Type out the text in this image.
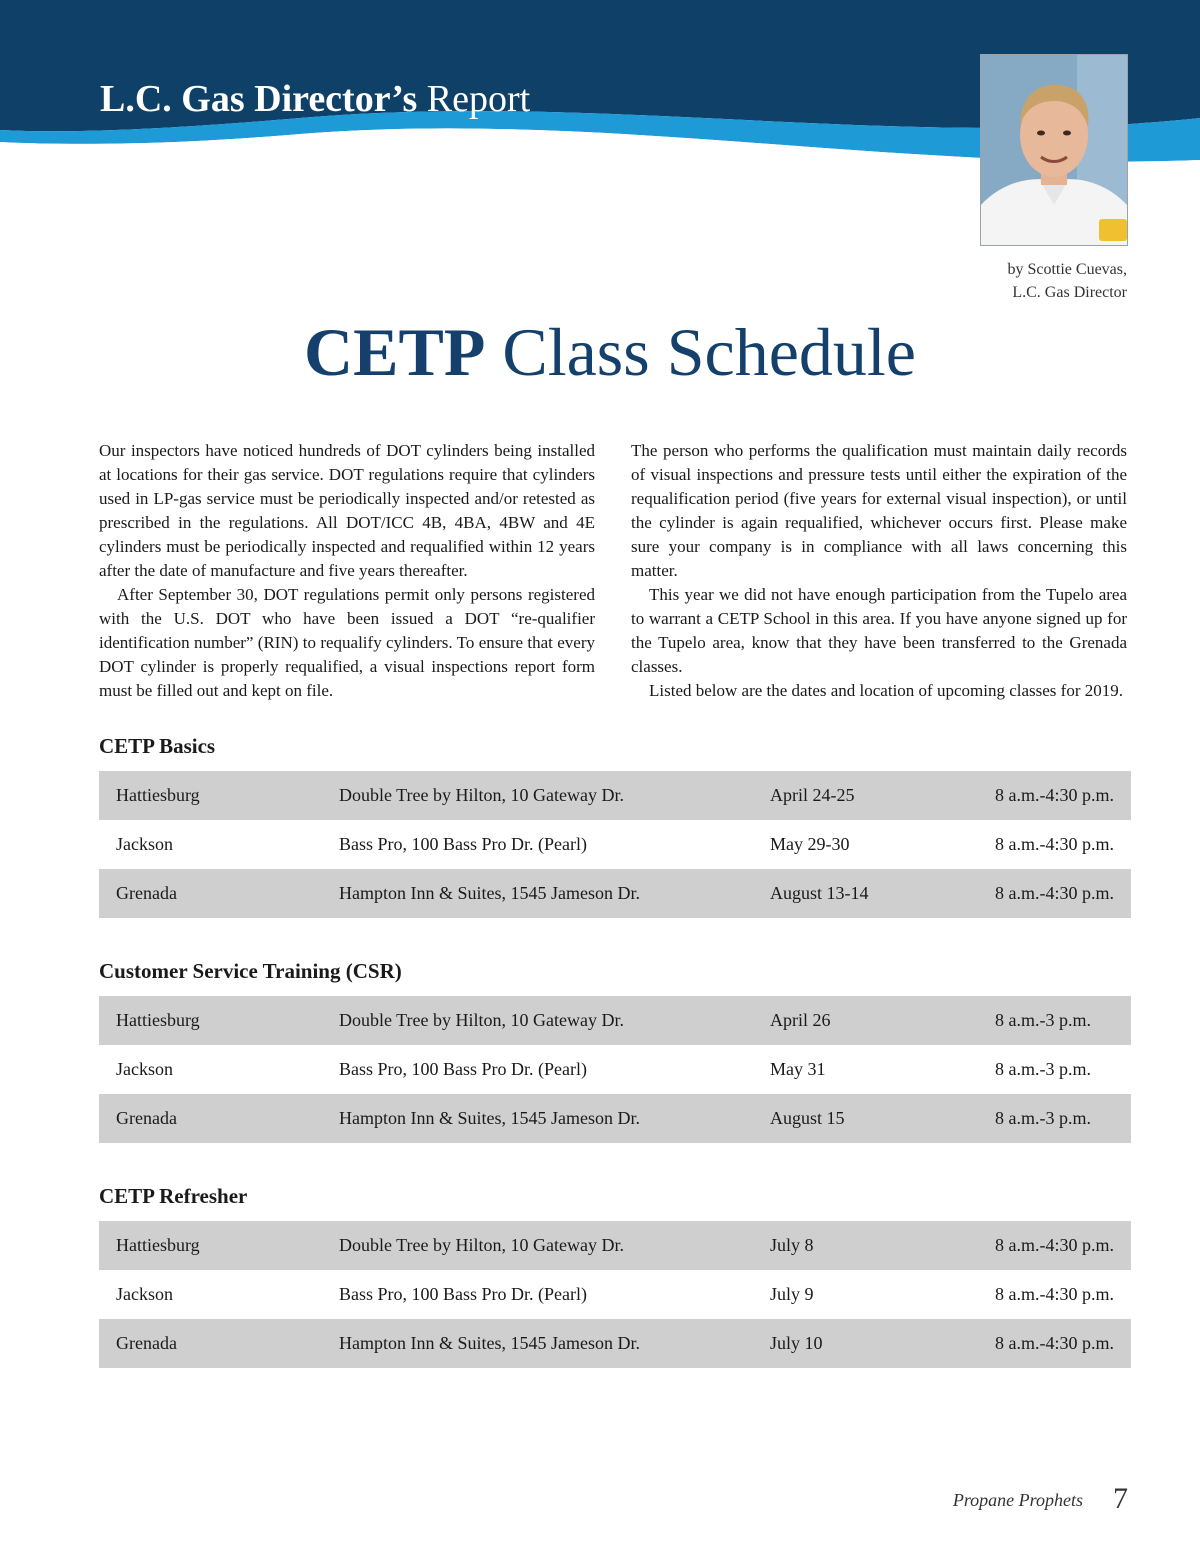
L.C. Gas Director’s Report
by Scottie Cuevas,
L.C. Gas Director
CETP Class Schedule

Our inspectors have noticed hundreds of DOT cylinders being installed at locations for their gas service. DOT regulations require that cylinders used in LP-gas service must be periodically inspected and/or retested as prescribed in the regulations. All DOT/ICC 4B, 4BA, 4BW and 4E cylinders must be periodically inspected and requalified within 12 years after the date of manufacture and five years thereafter.

After September 30, DOT regulations permit only persons registered with the U.S. DOT who have been issued a DOT “re-qualifier identification number” (RIN) to requalify cylinders. To ensure that every DOT cylinder is properly requalified, a visual inspections report form must be filled out and kept on file.

The person who performs the qualification must maintain daily records of visual inspections and pressure tests until either the expiration of the requalification period (five years for external visual inspection), or until the cylinder is again requalified, whichever occurs first. Please make sure your company is in compliance with all laws concerning this matter.

This year we did not have enough participation from the Tupelo area to warrant a CETP School in this area. If you have anyone signed up for the Tupelo area, know that they have been transferred to the Grenada classes.

Listed below are the dates and location of upcoming classes for 2019.

CETP Basics
Hattiesburg	Double Tree by Hilton, 10 Gateway Dr.	April 24-25	8 a.m.-4:30 p.m.
Jackson	Bass Pro, 100 Bass Pro Dr. (Pearl)	May 29-30	8 a.m.-4:30 p.m.
Grenada	Hampton Inn & Suites, 1545 Jameson Dr.	August 13-14	8 a.m.-4:30 p.m.
Customer Service Training (CSR)
Hattiesburg	Double Tree by Hilton, 10 Gateway Dr.	April 26	8 a.m.-3 p.m.
Jackson	Bass Pro, 100 Bass Pro Dr. (Pearl)	May 31	8 a.m.-3 p.m.
Grenada	Hampton Inn & Suites, 1545 Jameson Dr.	August 15	8 a.m.-3 p.m.
CETP Refresher
Hattiesburg	Double Tree by Hilton, 10 Gateway Dr.	July 8	8 a.m.-4:30 p.m.
Jackson	Bass Pro, 100 Bass Pro Dr. (Pearl)	July 9	8 a.m.-4:30 p.m.
Grenada	Hampton Inn & Suites, 1545 Jameson Dr.	July 10	8 a.m.-4:30 p.m.
Propane Prophets 7
